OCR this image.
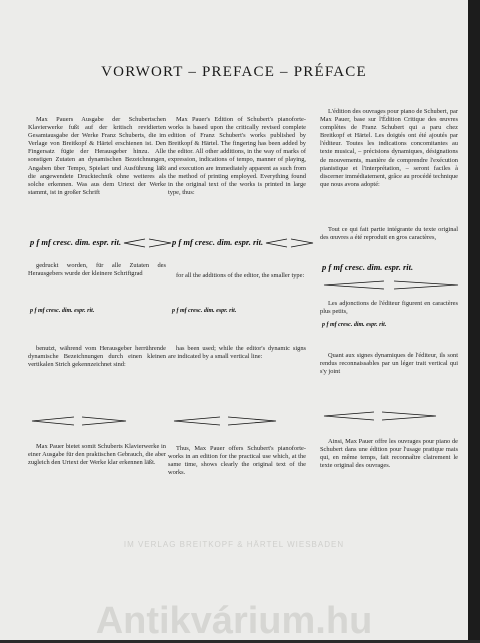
VORWORT – PREFACE – PRÉFACE

Max Pauers Ausgabe der Schubertschen Klavierwerke fußt auf der kritisch revidierten Gesamtausgabe der Werke Franz Schuberts, die im Verlage von Breitkopf & Härtel erschienen ist. Den Fingersatz fügte der Herausgeber hinzu. Alle sonstigen Zutaten an dynamischen Bezeichnungen, Angaben über Tempo, Spielart und Ausführung läßt die angewendete Drucktechnik ohne weiteres als solche erkennen. Was aus dem Urtext der Werke stammt, ist in großer Schrift

p f mf cresc. dim. espr. rit.

gedruckt worden, für alle Zutaten des Herausgebers wurde der kleinere Schriftgrad

p f mf cresc. dim. espr. rit.

benutzt, während vom Herausgeber herrührende dynamische Bezeichnungen durch einen kleinen vertikalen Strich gekennzeichnet sind:

Max Pauer bietet somit Schuberts Klavierwerke in einer Ausgabe für den praktischen Gebrauch, die aber zugleich den Urtext der Werke klar erkennen läßt.

Max Pauer's Edition of Schubert's pianoforte-works is based upon the critically revised complete edition of Franz Schubert's works published by Breitkopf & Härtel. The fingering has been added by the editor. All other additions, in the way of marks of expression, indications of tempo, manner of playing, and execution are immediately apparent as such from the method of printing employed. Everything found in the original text of the works is printed in large type, thus:

p f mf cresc. dim. espr. rit.

for all the additions of the editor, the smaller type:

p f mf cresc. dim. espr. rit.

has been used; while the editor's dynamic signs are indicated by a small vertical line:

Thus, Max Pauer offers Schubert's pianoforte-works in an edition for the practical use which, at the same time, shows clearly the original text of the works.

L'édition des ouvrages pour piano de Schubert, par Max Pauer, base sur l'Édition Critique des œuvres complètes de Franz Schubert qui a paru chez Breitkopf et Härtel. Les doigtés ont été ajoutés par l'éditeur. Toutes les indications concomitantes au texte musical, – précisions dynamiques, désignations de mouvements, manière de comprendre l'exécution pianistique et l'interprétation, – seront faciles à discerner immédiatement, grâce au procédé technique que nous avons adopté:

Tout ce qui fait partie intégrante du texte original des œuvres a été reproduit en gros caractères,

p f mf cresc. dim. espr. rit.

Les adjonctions de l'éditeur figurent en caractères plus petits,

p f mf cresc. dim. espr. rit.

Quant aux signes dynamiques de l'éditeur, ils sont rendus reconnaissables par un léger trait vertical qui s'y joint

Ainsi, Max Pauer offre les ouvrages pour piano de Schubert dans une édition pour l'usage pratique mais qui, en même temps, fait reconnaître clairement le texte original des ouvrages.

IM VERLAG BREITKOPF & HÄRTEL WIESBADEN
Antikvárium.hu
